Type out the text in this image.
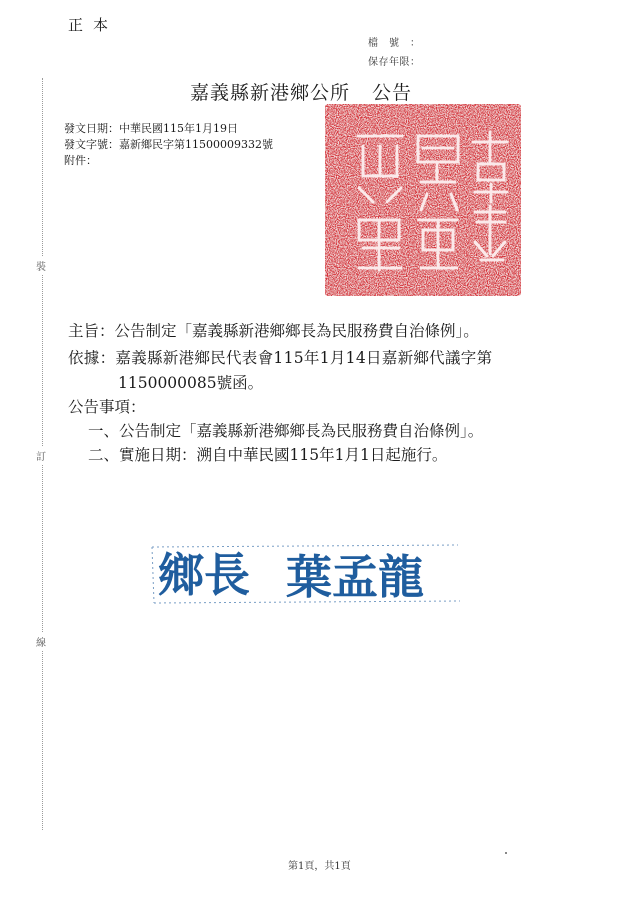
正本
檔號：
保存年限：
嘉義縣新港鄉公所 公告
發文日期：中華民國115年1月19日
發文字號：嘉新鄉民字第11500009332號
附件：
裝
訂
線
主旨：公告制定「嘉義縣新港鄉鄉長為民服務費自治條例」。
依據：嘉義縣新港鄉民代表會115年1月14日嘉新鄉代議字第
1150000085號函。
公告事項：
一、公告制定「嘉義縣新港鄉鄉長為民服務費自治條例」。
二、實施日期：溯自中華民國115年1月1日起施行。
鄉長 葉孟龍
第1頁，共1頁
